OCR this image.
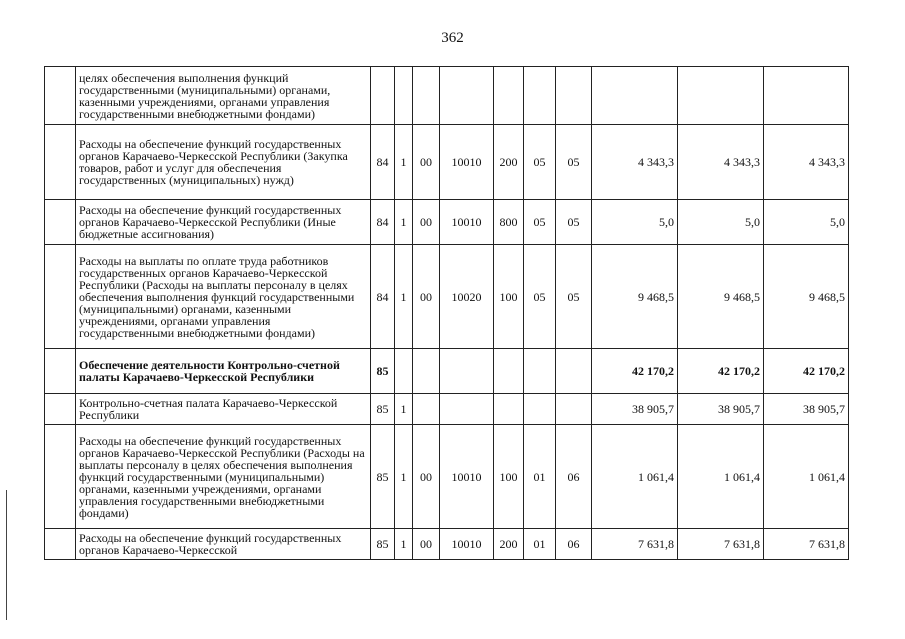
362
	целях обеспечения выполнения функций государственными (муниципальными) органами, казенными учреждениями, органами управления государственными внебюджетными фондами)										
	Расходы на обеспечение функций государственных органов Карачаево-Черкесской Республики (Закупка товаров, работ и услуг для обеспечения государственных (муниципальных) нужд)	84	1	00	10010	200	05	05	4 343,3	4 343,3	4 343,3
	Расходы на обеспечение функций государственных органов Карачаево-Черкесской Республики (Иные бюджетные ассигнования)	84	1	00	10010	800	05	05	5,0	5,0	5,0
	Расходы на выплаты по оплате труда работников государственных органов Карачаево-Черкесской Республики (Расходы на выплаты персоналу в целях обеспечения выполнения функций государственными (муниципальными) органами, казенными учреждениями, органами управления государственными внебюджетными фондами)	84	1	00	10020	100	05	05	9 468,5	9 468,5	9 468,5
	Обеспечение деятельности Контрольно-счетной палаты Карачаево-Черкесской Республики	85							42 170,2	42 170,2	42 170,2
	Контрольно-счетная палата Карачаево-Черкесской Республики	85	1						38 905,7	38 905,7	38 905,7
	Расходы на обеспечение функций государственных органов Карачаево-Черкесской Республики (Расходы на выплаты персоналу в целях обеспечения выполнения функций государственными (муниципальными) органами, казенными учреждениями, органами управления государственными внебюджетными фондами)	85	1	00	10010	100	01	06	1 061,4	1 061,4	1 061,4
	Расходы на обеспечение функций государственных органов Карачаево-Черкесской	85	1	00	10010	200	01	06	7 631,8	7 631,8	7 631,8
